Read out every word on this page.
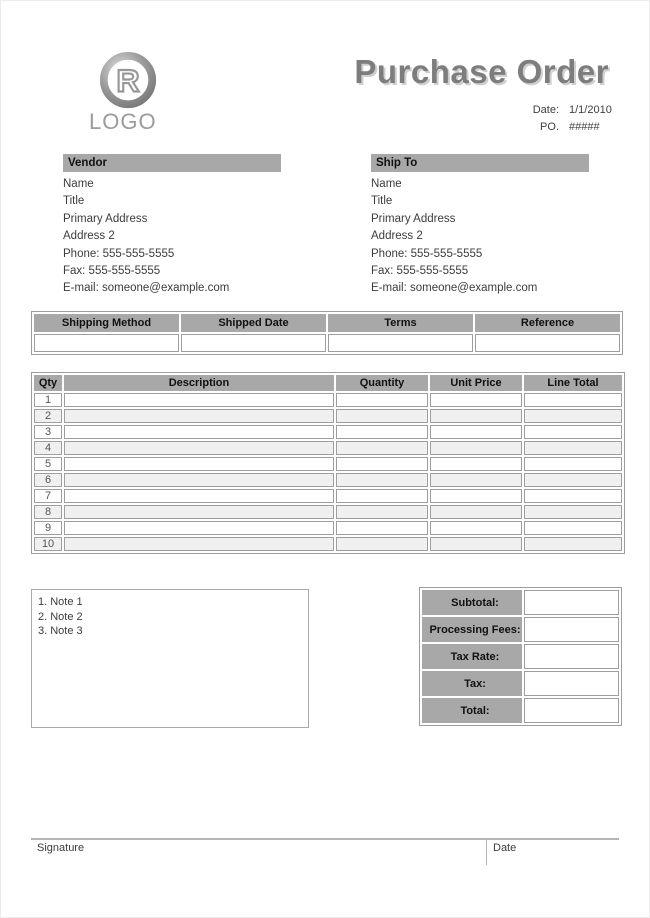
R
LOGO
Purchase Order
Date: 1/1/2010
PO. #####
Vendor
Name
Title
Primary Address
Address 2
Phone: 555-555-5555
Fax: 555-555-5555
E-mail: someone@example.com
Ship To
Name
Title
Primary Address
Address 2
Phone: 555-555-5555
Fax: 555-555-5555
E-mail: someone@example.com
Shipping Method	Shipped Date	Terms	Reference

Qty	Description	Quantity	Unit Price	Line Total
1				
2				
3				
4				
5				
6				
7				
8				
9				
10				
1. Note 1
2. Note 2
3. Note 3
Subtotal:	
Processing Fees:	
Tax Rate:	
Tax:	
Total:	
Signature	Date
